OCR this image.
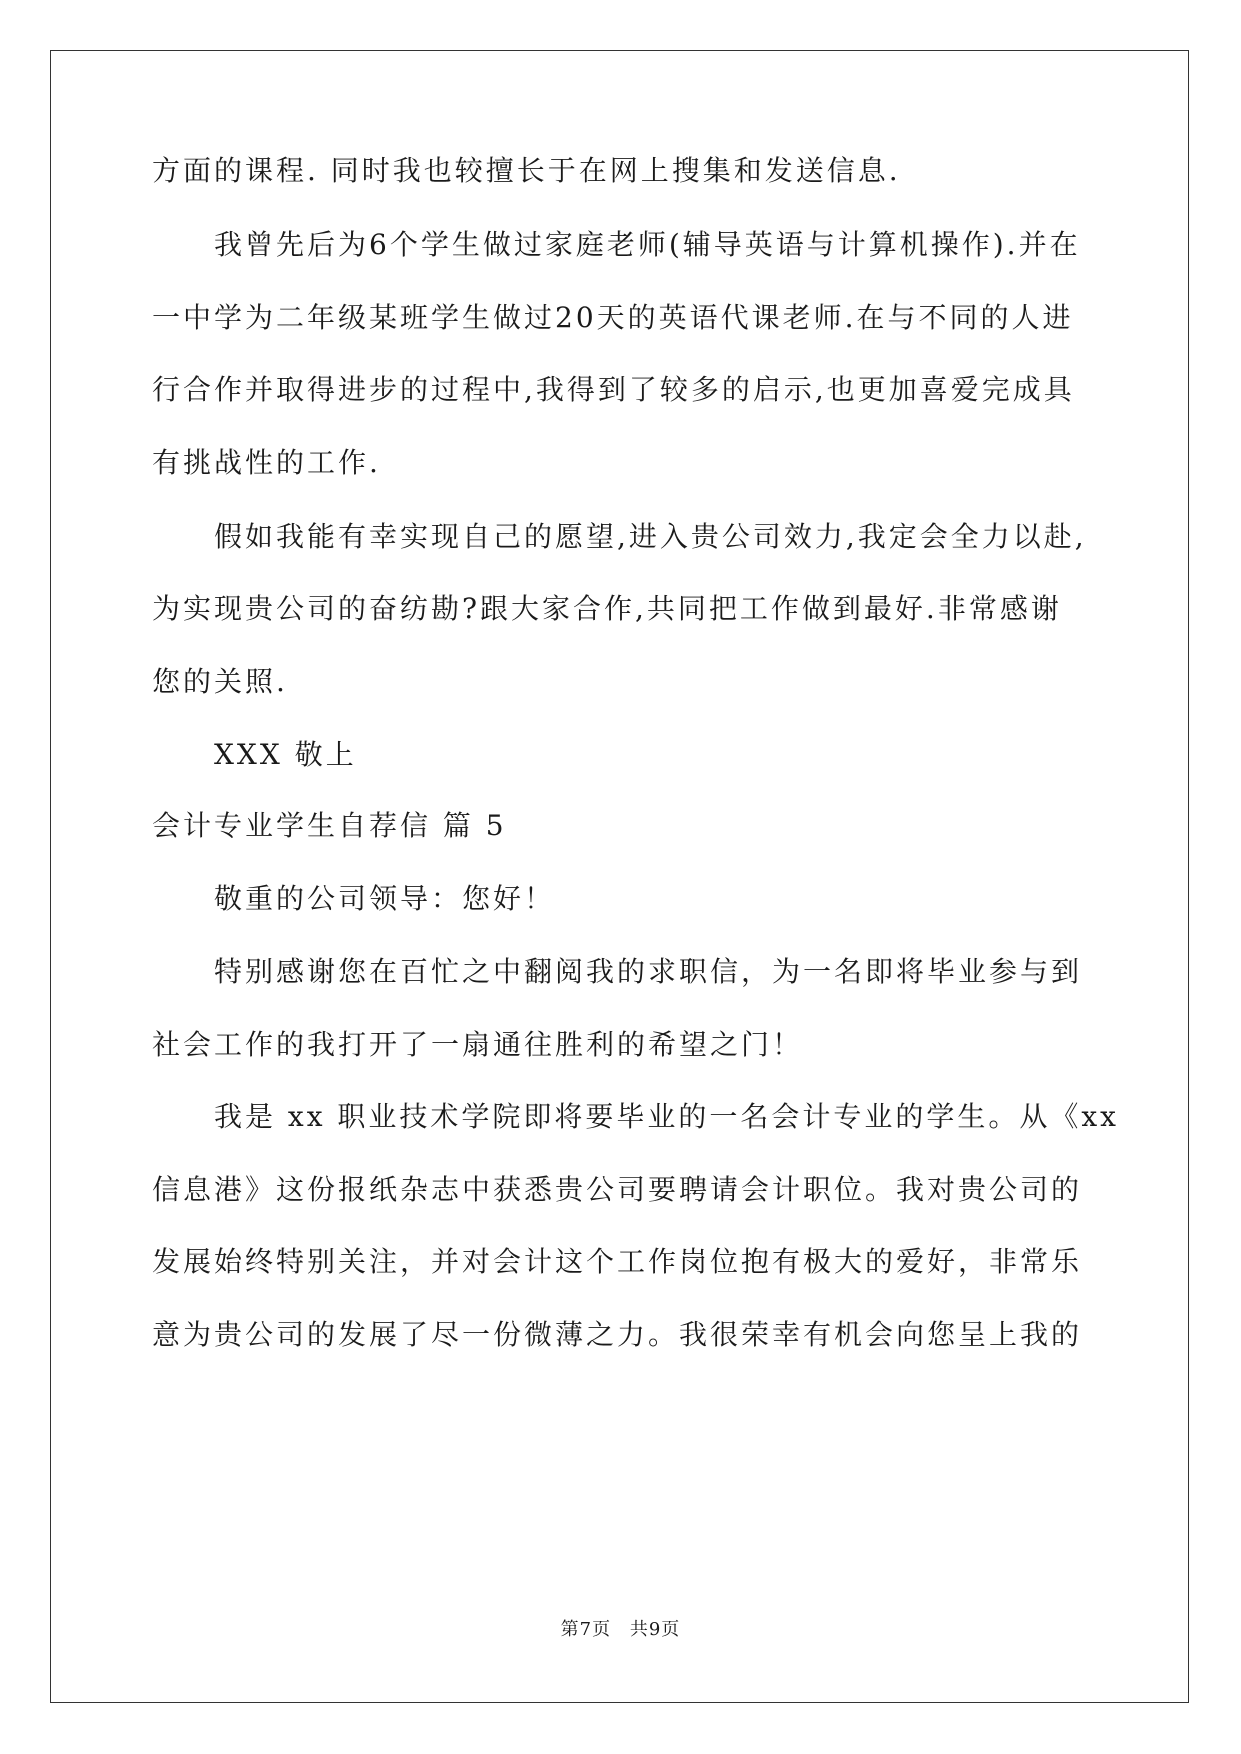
方面的课程. 同时我也较擅长于在网上搜集和发送信息.
我曾先后为6个学生做过家庭老师(辅导英语与计算机操作).并在
一中学为二年级某班学生做过20天的英语代课老师.在与不同的人进
行合作并取得进步的过程中,我得到了较多的启示,也更加喜爱完成具
有挑战性的工作.
假如我能有幸实现自己的愿望,进入贵公司效力,我定会全力以赴,
为实现贵公司的奋纺勘?跟大家合作,共同把工作做到最好.非常感谢
您的关照.
XXX 敬上
会计专业学生自荐信 篇 5
敬重的公司领导：您好！
特别感谢您在百忙之中翻阅我的求职信，为一名即将毕业参与到
社会工作的我打开了一扇通往胜利的希望之门！
我是 xx 职业技术学院即将要毕业的一名会计专业的学生。从《xx
信息港》这份报纸杂志中获悉贵公司要聘请会计职位。我对贵公司的
发展始终特别关注，并对会计这个工作岗位抱有极大的爱好，非常乐
意为贵公司的发展了尽一份微薄之力。我很荣幸有机会向您呈上我的
第7页 共9页
